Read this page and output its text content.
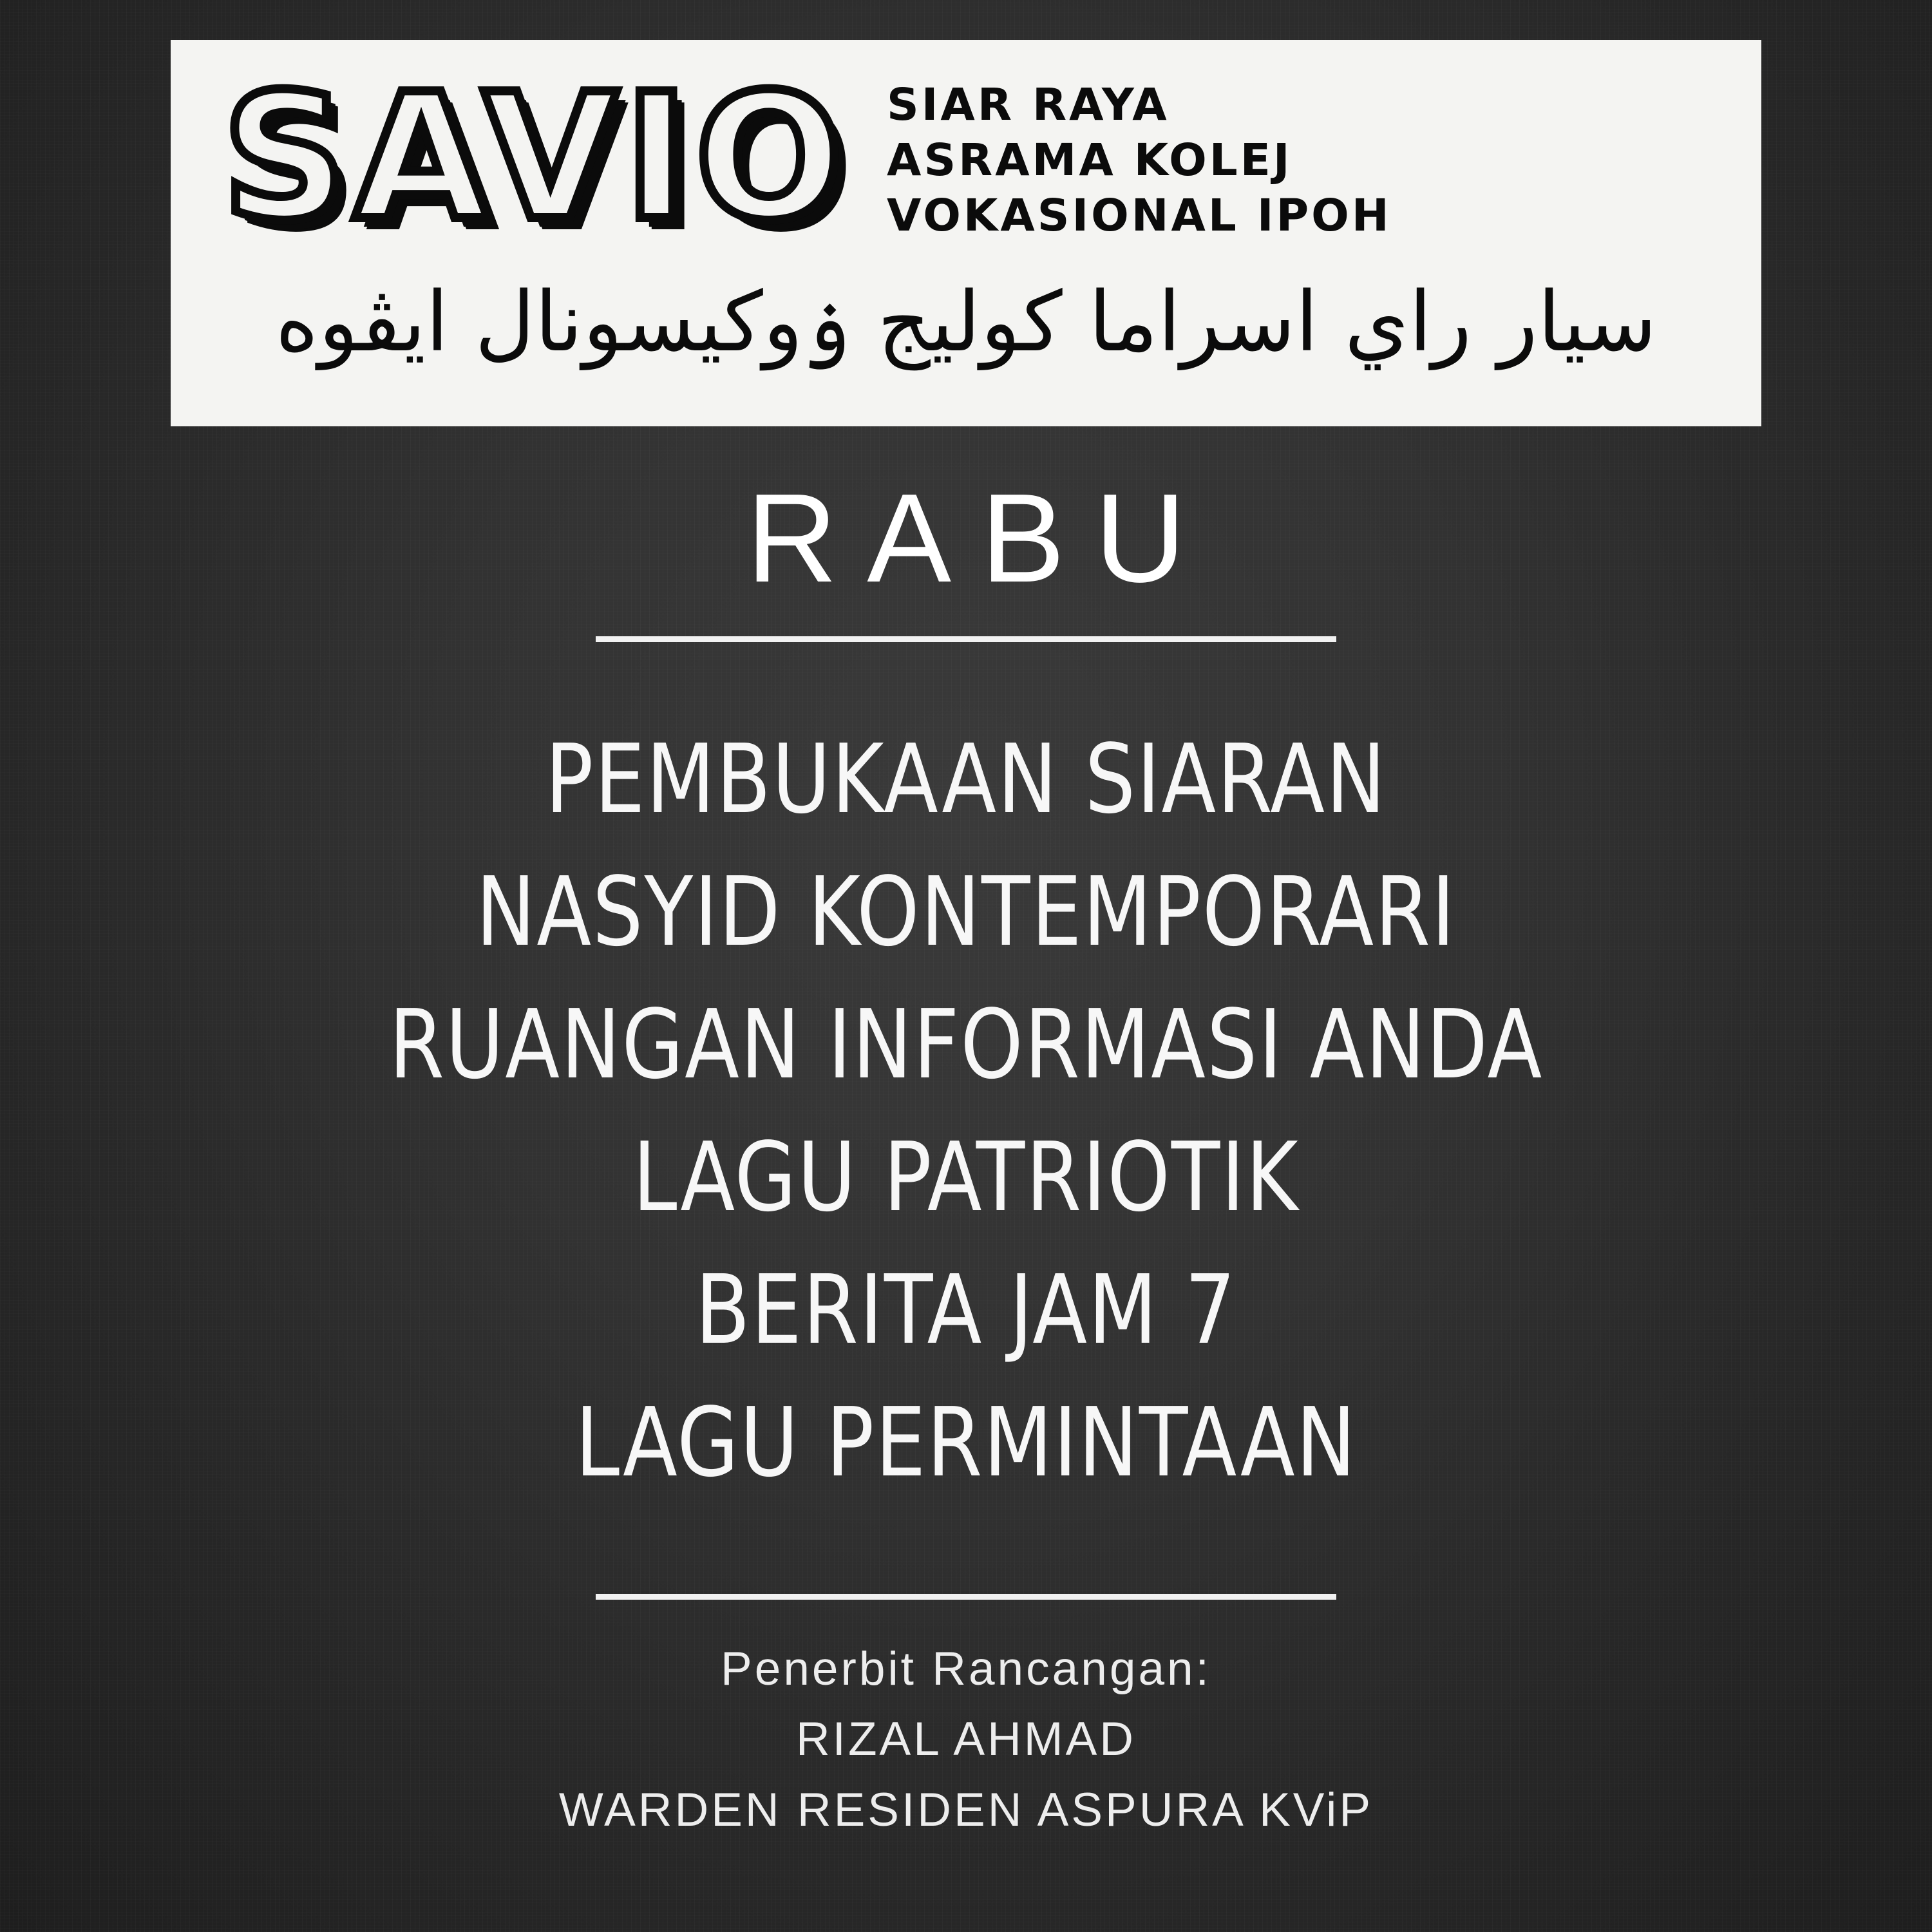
SAVIO SIAR RAYA
ASRAMA KOLEJ
VOKASIONAL IPOH
سيار راي اسراما كوليج ۏوكيسونال ايڤوه
RABU
PEMBUKAAN SIARAN
NASYID KONTEMPORARI
RUANGAN INFORMASI ANDA
LAGU PATRIOTIK
BERITA JAM 7
LAGU PERMINTAAN
Penerbit Rancangan:
RIZAL AHMAD
WARDEN RESIDEN ASPURA KViP
